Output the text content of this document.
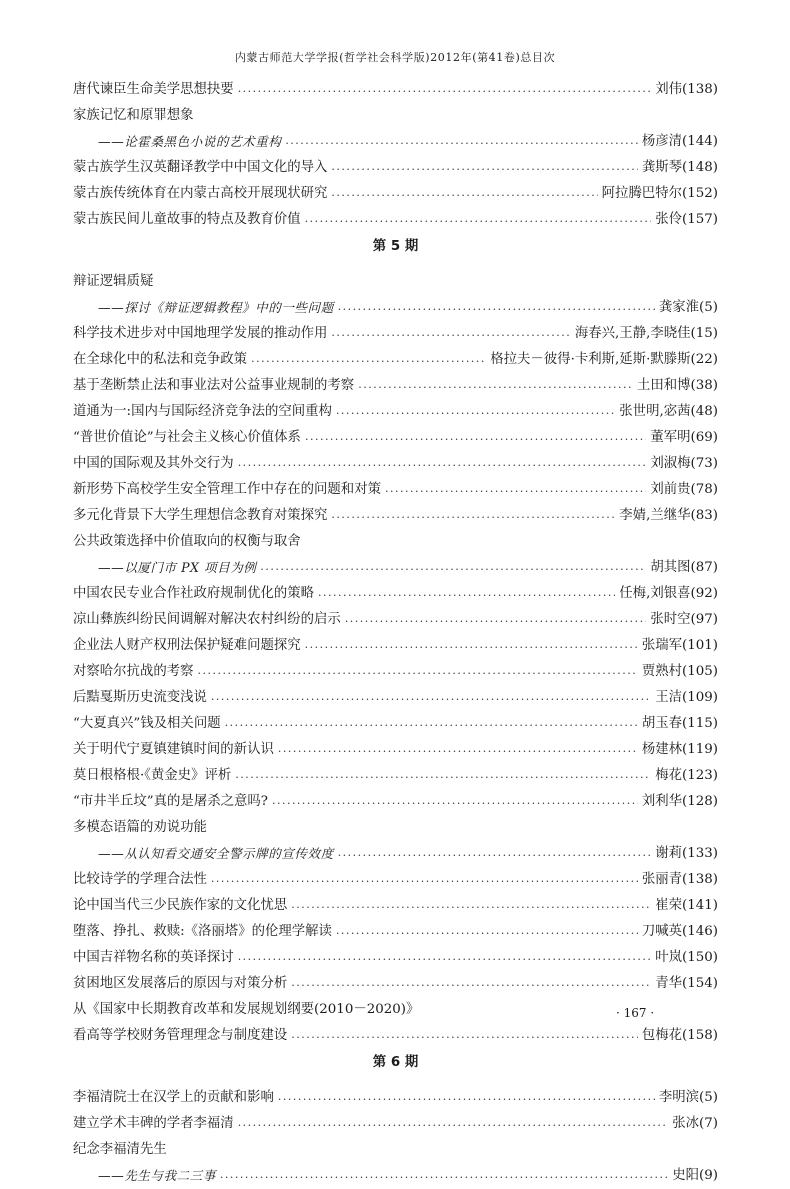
内蒙古师范大学学报(哲学社会科学版)2012年(第41卷)总目次
唐代谏臣生命美学思想抉要 ·····	刘伟(138)
家族记忆和原罪想象
——论霍桑黑色小说的艺术重构 ·····	杨彦清(144)
蒙古族学生汉英翻译教学中中国文化的导入 ·····	龚斯琴(148)
蒙古族传统体育在内蒙古高校开展现状研究 ·····	阿拉腾巴特尔(152)
蒙古族民间儿童故事的特点及教育价值 ·····	张伶(157)
第 5 期
辩证逻辑质疑
——探讨《辩证逻辑教程》中的一些问题 ·····	龚家淮(5)
科学技术进步对中国地理学发展的推动作用 ·····	海春兴,王静,李晓佳(15)
在全球化中的私法和竞争政策 ·····	格拉夫－彼得·卡利斯,延斯·默滕斯(22)
基于垄断禁止法和事业法对公益事业规制的考察 ·····	土田和博(38)
道通为一:国内与国际经济竞争法的空间重构 ·····	张世明,宓茜(48)
“普世价值论”与社会主义核心价值体系 ·····	董军明(69)
中国的国际观及其外交行为 ·····	刘淑梅(73)
新形势下高校学生安全管理工作中存在的问题和对策 ·····	刘前贵(78)
多元化背景下大学生理想信念教育对策探究 ·····	李婧,兰继华(83)
公共政策选择中价值取向的权衡与取舍
——以厦门市 PX 项目为例 ·····	胡其图(87)
中国农民专业合作社政府规制优化的策略 ·····	任梅,刘银喜(92)
凉山彝族纠纷民间调解对解决农村纠纷的启示 ·····	张时空(97)
企业法人财产权刑法保护疑难问题探究 ·····	张瑞军(101)
对察哈尔抗战的考察 ·····	贾熟村(105)
后黠戛斯历史流变浅说 ·····	王洁(109)
“大夏真兴”钱及相关问题 ·····	胡玉春(115)
关于明代宁夏镇建镇时间的新认识 ·····	杨建林(119)
莫日根格根·《黄金史》评析 ·····	梅花(123)
“市井半丘坟”真的是屠杀之意吗? ·····	刘利华(128)
多模态语篇的劝说功能
——从认知看交通安全警示牌的宣传效度 ·····	谢莉(133)
比较诗学的学理合法性 ·····	张丽青(138)
论中国当代三少民族作家的文化忧思 ·····	崔荣(141)
堕落、挣扎、救赎:《洛丽塔》的伦理学解读 ·····	刀喊英(146)
中国吉祥物名称的英译探讨 ·····	叶岚(150)
贫困地区发展落后的原因与对策分析 ·····	青华(154)
从《国家中长期教育改革和发展规划纲要(2010－2020)》
看高等学校财务管理理念与制度建设 ·····	包梅花(158)
第 6 期
李福清院士在汉学上的贡献和影响 ·····	李明滨(5)
建立学术丰碑的学者李福清 ·····	张冰(7)
纪念李福清先生
——先生与我二三事 ·····	史阳(9)
· 167 ·
